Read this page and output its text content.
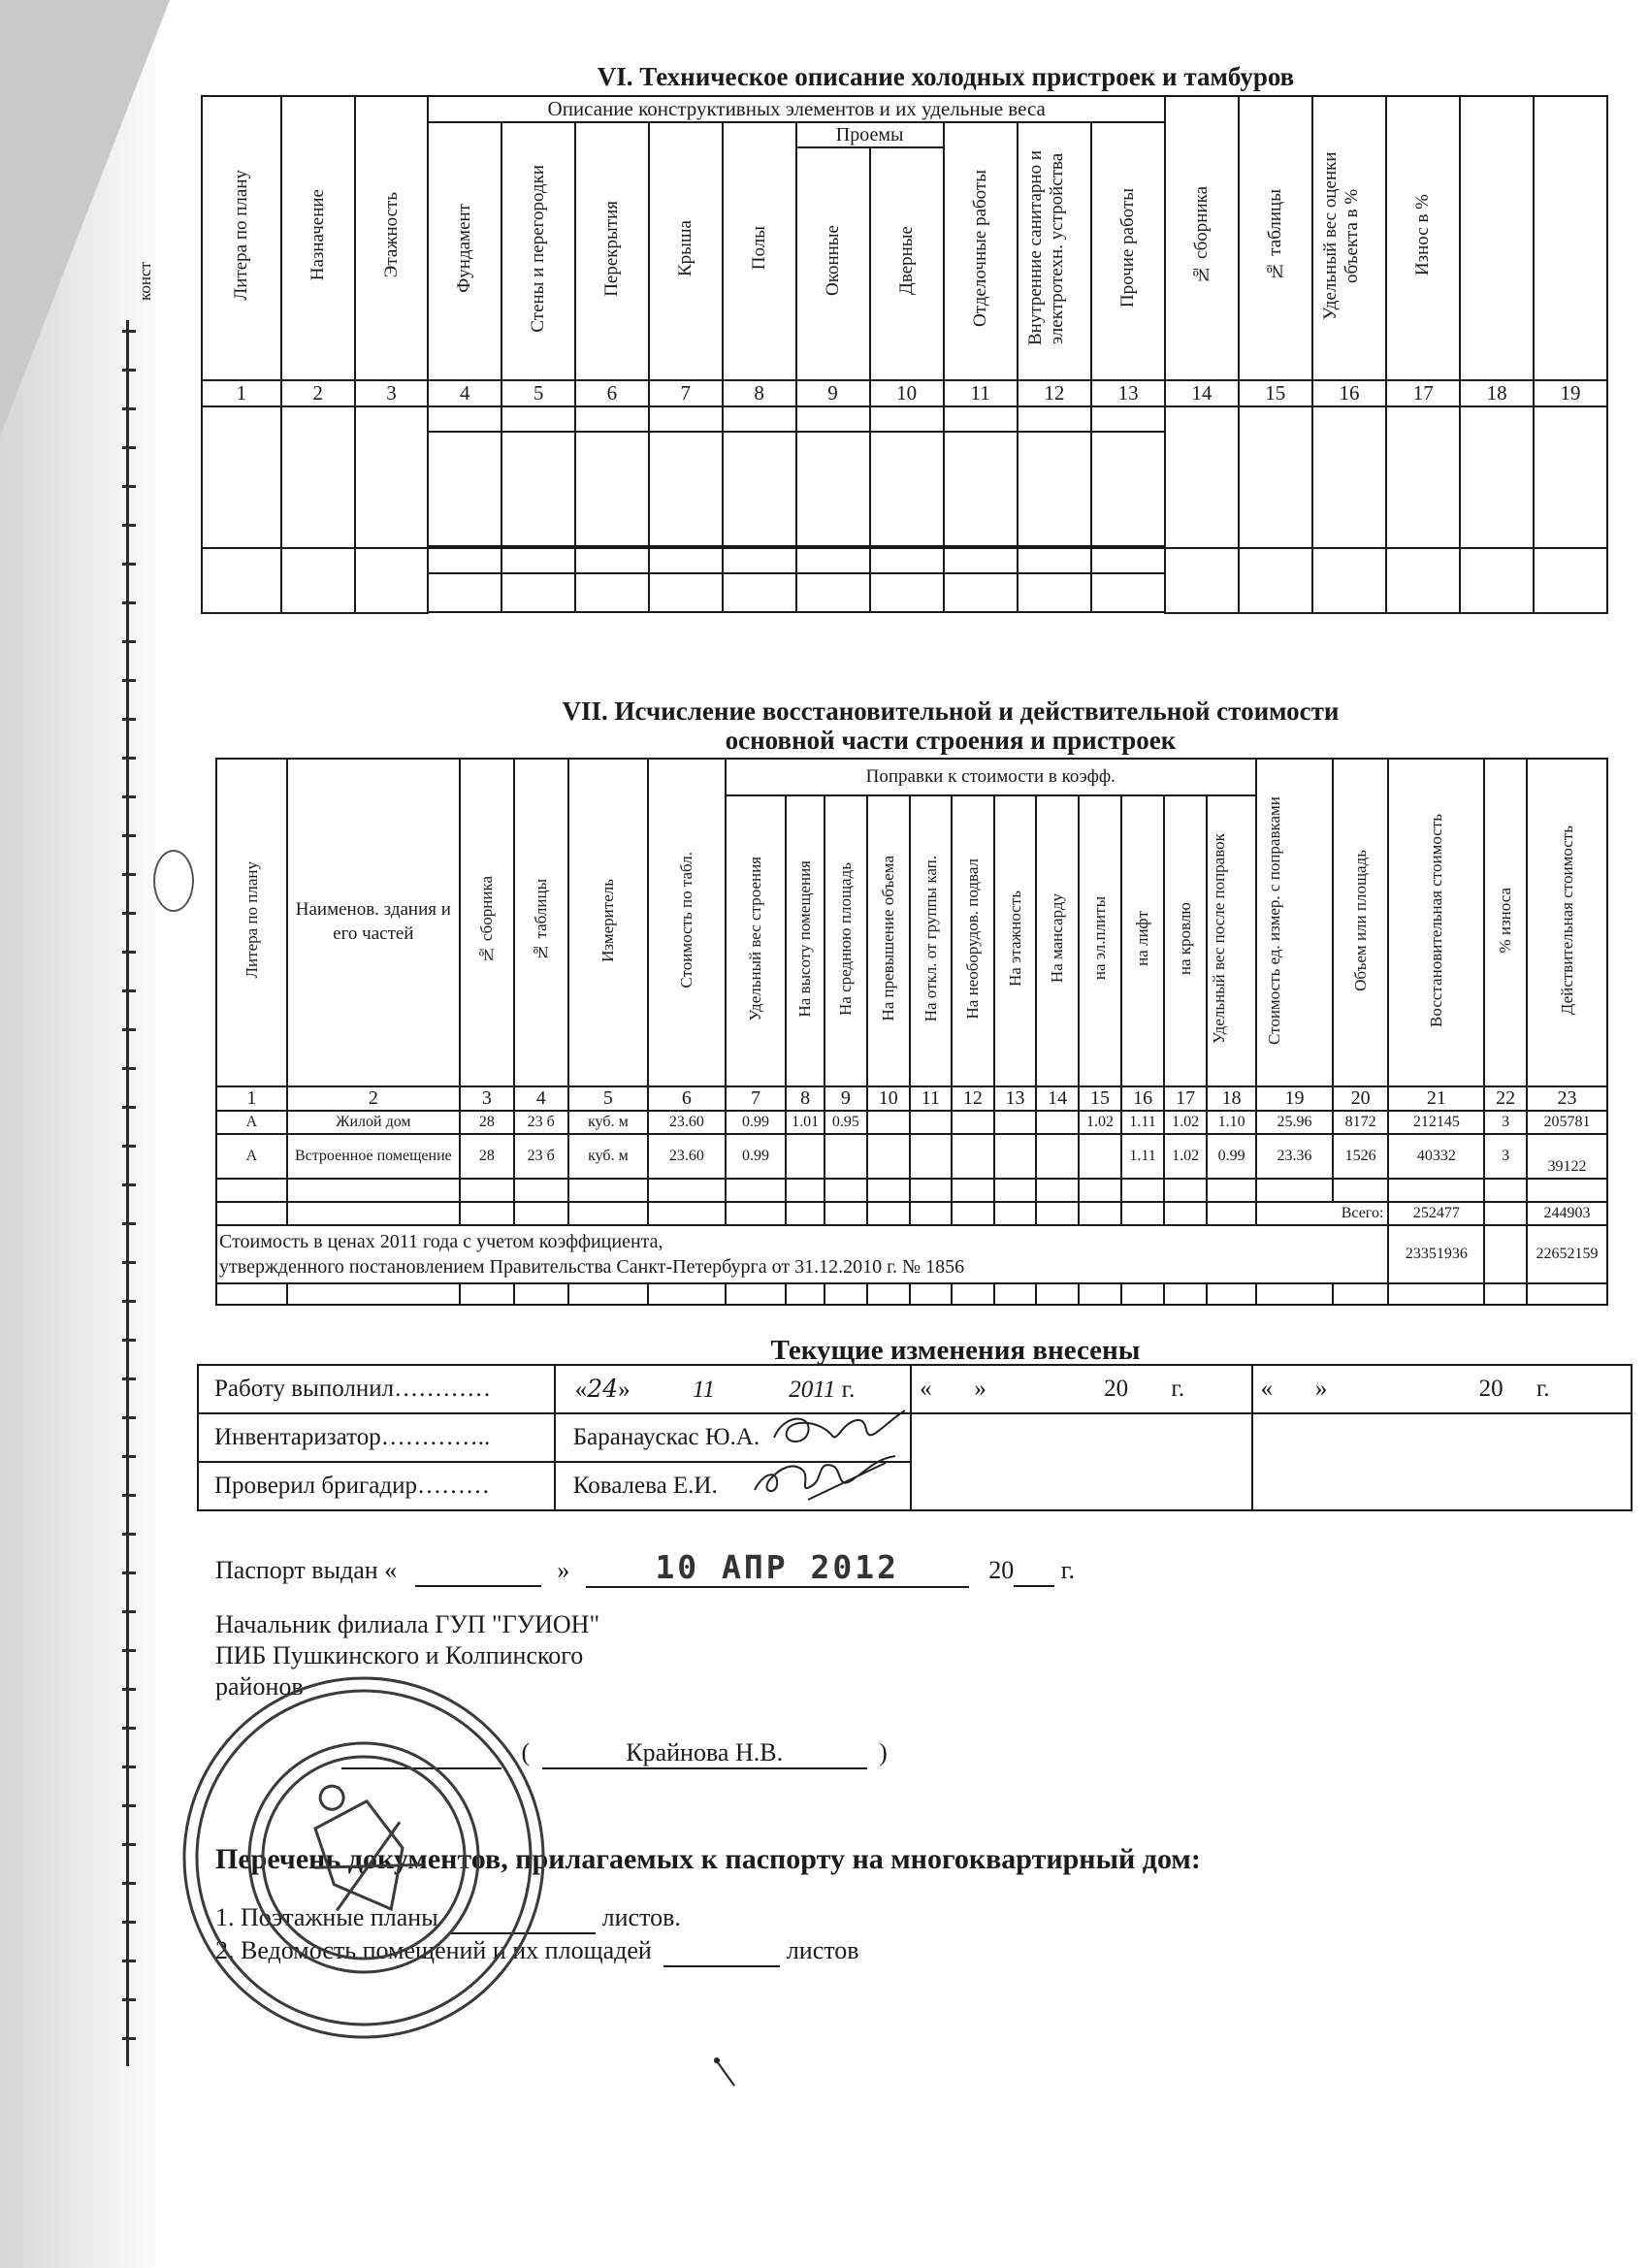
конст
VI. Техническое описание холодных пристроек и тамбуров
Литера по плану	Назначение	Этажность	Описание конструктивных элементов и их удельные веса										№ сборника	№ таблицы	Удельный вес оценки объекта в %	Износ в %		
			Фундамент	Стены и перегородки	Перекрытия	Крыша	Полы	Проемы		Отделочные работы	Внутренние санитарно и электротехн. устройства	Прочие работы						
								Оконные	Дверные									
1	2	3	4	5	6	7	8	9	10	11	12	13	14	15	16	17	18	19

VII. Исчисление восстановительной и действительной стоимости
основной части строения и пристроек
Литера по плану	Наименов. здания и его частей	№ сборника	№ таблицы	Измеритель	Стоимость по табл.	Поправки к стоимости в коэфф.												Стоимость ед. измер. с поправками	Объем или площадь	Восстановительная стоимость	% износа	Действительная стоимость
						Удельный вес строения	На высоту помещения	На среднюю площадь	На превышение объема	На откл. от группы кап.	На необорудов. подвал	На этажность	На мансарду	на эл.плиты	на лифт	на кровлю	Удельный вес после поправок					
1	2	3	4	5	6	7	8	9	10	11	12	13	14	15	16	17	18	19	20	21	22	23
А	Жилой дом	28	23 б	куб. м	23.60	0.99	1.01	0.95						1.02	1.11	1.02	1.10	25.96	8172	212145	3	205781
А	Встроенное помещение	28	23 б	куб. м	23.60	0.99									1.11	1.02	0.99	23.36	1526	40332	3	39122

																		Всего:		252477		244903

Стоимость в ценах 2011 года с учетом коэффициента,
утвержденного постановлением Правительства Санкт-Петербурга от 31.12.2010 г. № 1856																				23351936		22652159

Текущие изменения внесены
Работу выполнил…………	«24» 11 2011 г.	«       » 20 г.	«       » 20 г.
Инвентаризатор…………..	Баранаускас Ю.А.

Проверил бригадир………	Ковалева Е.И.		
Паспорт выдан «	»	10 АПР 2012	20 г.
Начальник филиала ГУП "ГУИОН"
ПИБ Пушкинского и Колпинского
районов
(	Крайнова Н.В.	)
Перечень документов, прилагаемых к паспорту на многоквартирный дом:
1. Поэтажные планы	листов.
2. Ведомость помещений и их площадей	листов
